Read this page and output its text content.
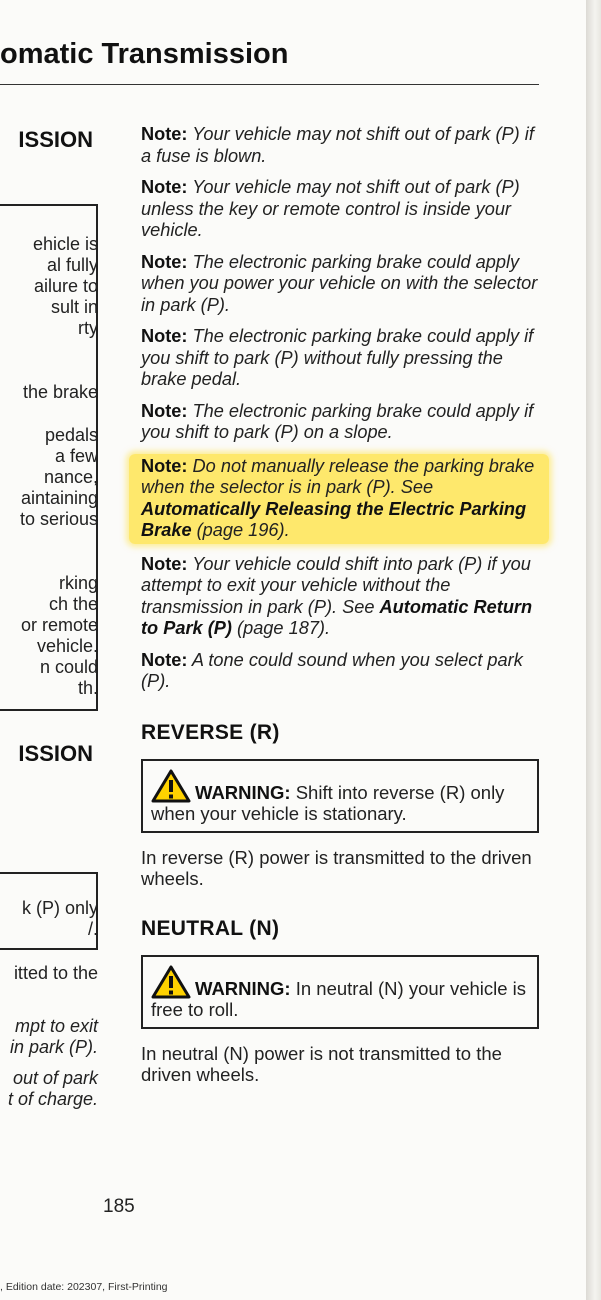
omatic Transmission
ISSION

ehicle is

al fully

ailure to

sult in

rty

the brake

pedals

a few

nance,

aintaining

to serious

rking

ch the

or remote

vehicle.

n could

th.

ISSION

k (P) only

/.

itted to the

mpt to exit

in park (P).

out of park

t of charge.

Note: Your vehicle may not shift out of park (P) if a fuse is blown.

Note: Your vehicle may not shift out of park (P) unless the key or remote control is inside your vehicle.

Note: The electronic parking brake could apply when you power your vehicle on with the selector in park (P).

Note: The electronic parking brake could apply if you shift to park (P) without fully pressing the brake pedal.

Note: The electronic parking brake could apply if you shift to park (P) on a slope.

Note: Do not manually release the parking brake when the selector is in park (P). See Automatically Releasing the Electric Parking Brake (page 196).

Note: Your vehicle could shift into park (P) if you attempt to exit your vehicle without the transmission in park (P). See Automatic Return to Park (P) (page 187).

Note: A tone could sound when you select park (P).

REVERSE (R)
WARNING: Shift into reverse (R) only when your vehicle is stationary.

In reverse (R) power is transmitted to the driven wheels.

NEUTRAL (N)
WARNING: In neutral (N) your vehicle is free to roll.

In neutral (N) power is not transmitted to the driven wheels.

185

, Edition date: 202307, First-Printing
